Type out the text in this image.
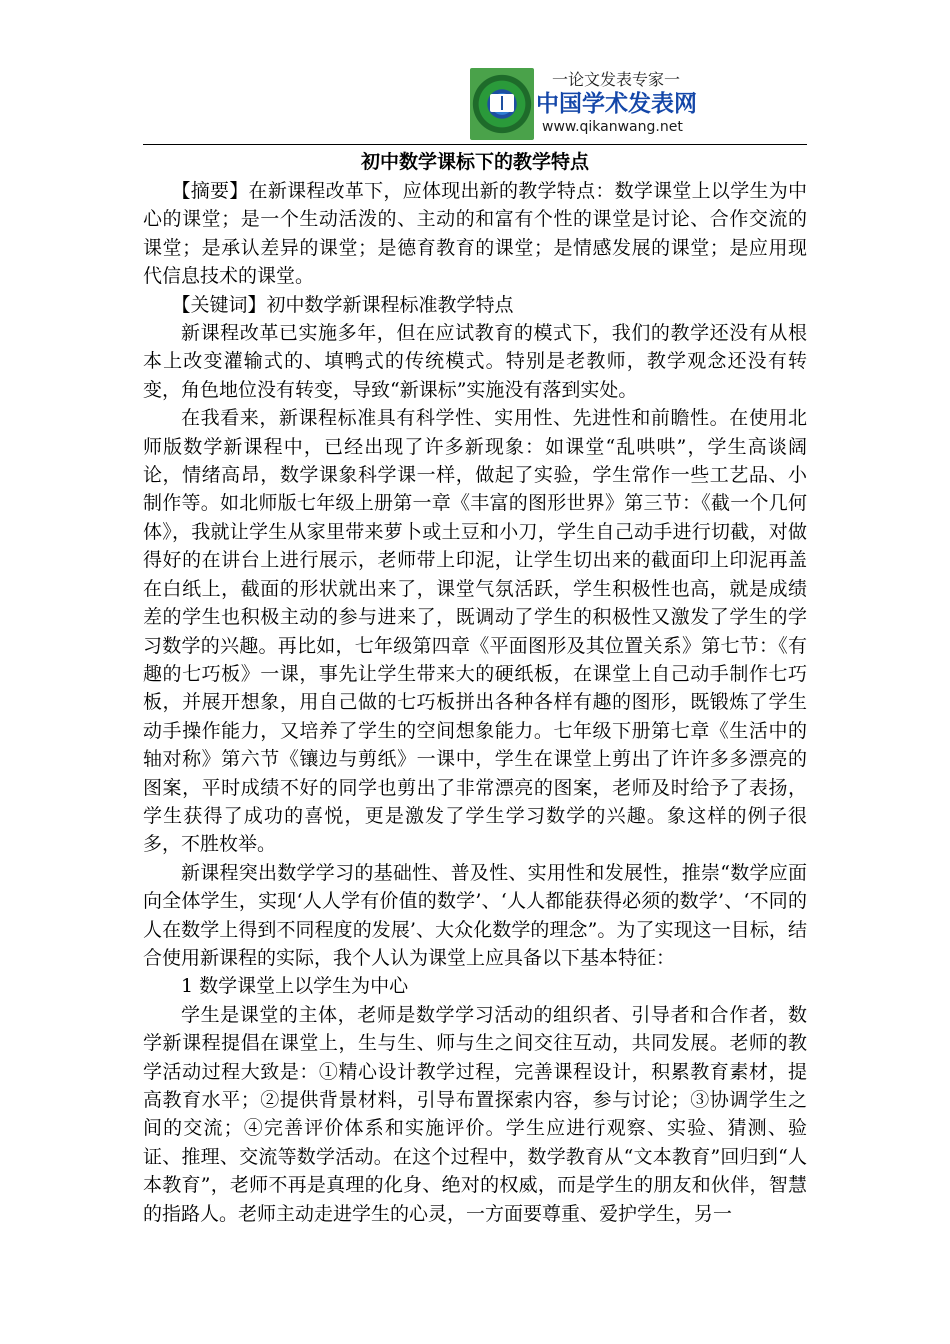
一论文发表专家一
中国学术发表网
www.qikanwang.net
初中数学课标下的教学特点

【摘要】在新课程改革下，应体现出新的教学特点：数学课堂上以学生为中心的课堂；是一个生动活泼的、主动的和富有个性的课堂是讨论、合作交流的课堂；是承认差异的课堂；是德育教育的课堂；是情感发展的课堂；是应用现代信息技术的课堂。

【关键词】初中数学新课程标准教学特点

新课程改革已实施多年，但在应试教育的模式下，我们的教学还没有从根本上改变灌输式的、填鸭式的传统模式。特别是老教师，教学观念还没有转变，角色地位没有转变，导致“新课标”实施没有落到实处。

在我看来，新课程标准具有科学性、实用性、先进性和前瞻性。在使用北师版数学新课程中，已经出现了许多新现象：如课堂“乱哄哄”，学生高谈阔论，情绪高昂，数学课象科学课一样，做起了实验，学生常作一些工艺品、小制作等。如北师版七年级上册第一章《丰富的图形世界》第三节：《截一个几何体》，我就让学生从家里带来萝卜或土豆和小刀，学生自己动手进行切截，对做得好的在讲台上进行展示，老师带上印泥，让学生切出来的截面印上印泥再盖在白纸上，截面的形状就出来了，课堂气氛活跃，学生积极性也高，就是成绩差的学生也积极主动的参与进来了，既调动了学生的积极性又激发了学生的学习数学的兴趣。再比如，七年级第四章《平面图形及其位置关系》第七节：《有趣的七巧板》一课，事先让学生带来大的硬纸板，在课堂上自己动手制作七巧板，并展开想象，用自己做的七巧板拼出各种各样有趣的图形，既锻炼了学生动手操作能力，又培养了学生的空间想象能力。七年级下册第七章《生活中的轴对称》第六节《镶边与剪纸》一课中，学生在课堂上剪出了许许多多漂亮的图案，平时成绩不好的同学也剪出了非常漂亮的图案，老师及时给予了表扬，学生获得了成功的喜悦，更是激发了学生学习数学的兴趣。象这样的例子很多，不胜枚举。

新课程突出数学学习的基础性、普及性、实用性和发展性，推崇“数学应面向全体学生，实现‘人人学有价值的数学’、‘人人都能获得必须的数学’、‘不同的人在数学上得到不同程度的发展’、大众化数学的理念”。为了实现这一目标，结合使用新课程的实际，我个人认为课堂上应具备以下基本特征：

1 数学课堂上以学生为中心

学生是课堂的主体，老师是数学学习活动的组织者、引导者和合作者，数学新课程提倡在课堂上，生与生、师与生之间交往互动，共同发展。老师的教学活动过程大致是：①精心设计教学过程，完善课程设计，积累教育素材，提高教育水平；②提供背景材料，引导布置探索内容，参与讨论；③协调学生之间的交流；④完善评价体系和实施评价。学生应进行观察、实验、猜测、验证、推理、交流等数学活动。在这个过程中，数学教育从“文本教育”回归到“人本教育”，老师不再是真理的化身、绝对的权威，而是学生的朋友和伙伴，智慧的指路人。老师主动走进学生的心灵，一方面要尊重、爱护学生，另一
